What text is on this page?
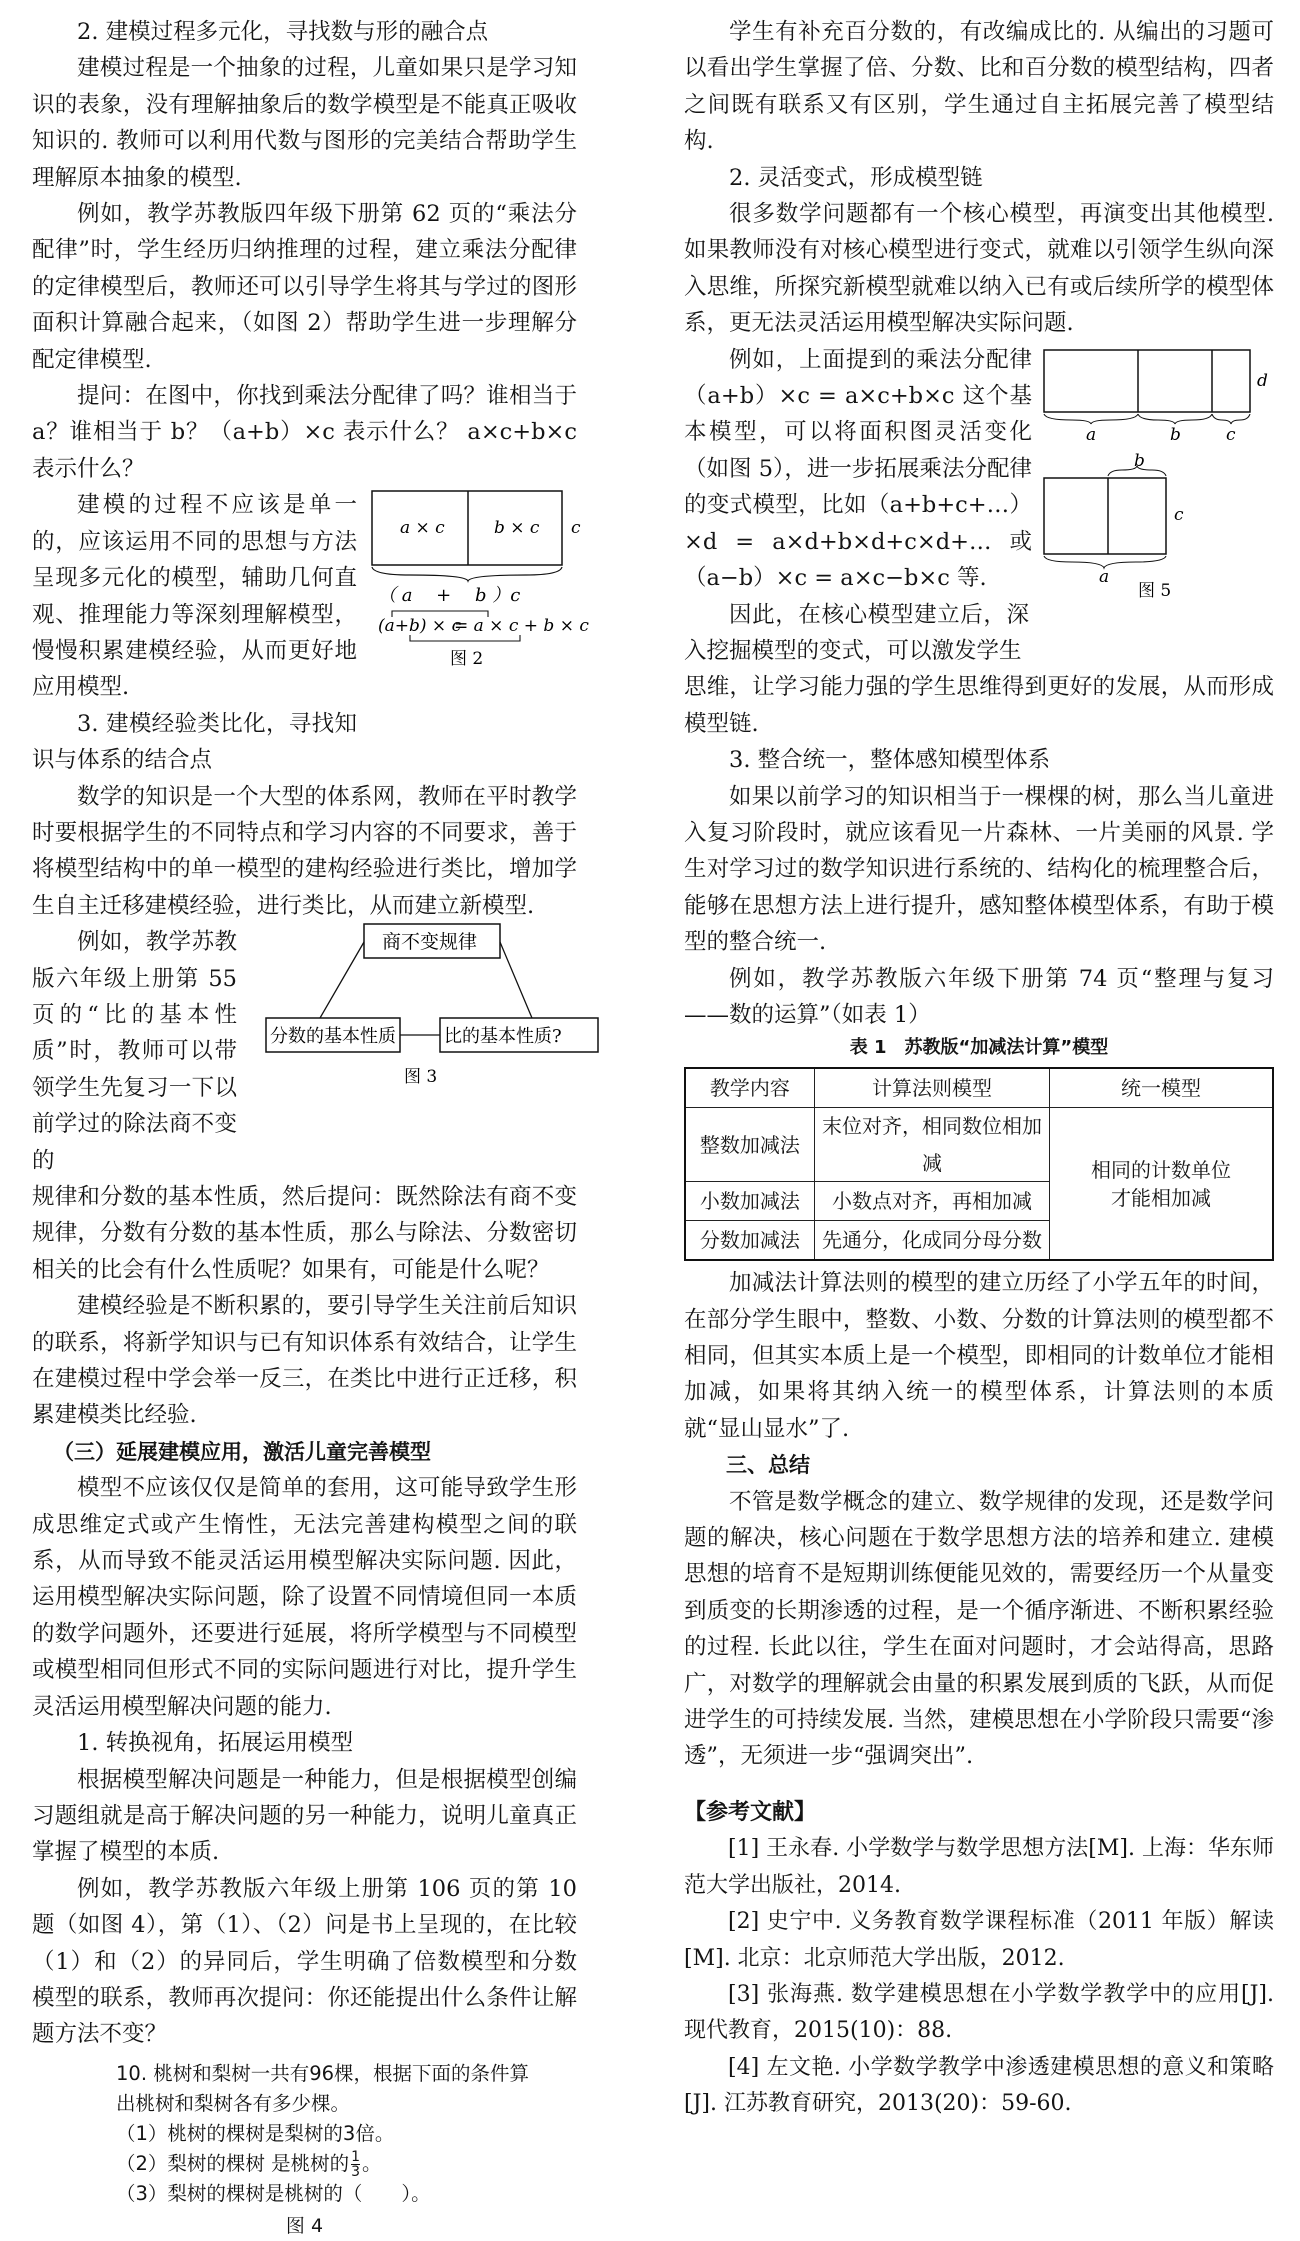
2. 建模过程多元化，寻找数与形的融合点

建模过程是一个抽象的过程，儿童如果只是学习知识的表象，没有理解抽象后的数学模型是不能真正吸收知识的. 教师可以利用代数与图形的完美结合帮助学生理解原本抽象的模型.

例如，教学苏教版四年级下册第 62 页的“乘法分配律”时，学生经历归纳推理的过程，建立乘法分配律的定律模型后，教师还可以引导学生将其与学过的图形面积计算融合起来，（如图 2）帮助学生进一步理解分配定律模型.

提问：在图中，你找到乘法分配律了吗？谁相当于 a？谁相当于 b？（a+b）×c 表示什么？ a×c+b×c 表示什么？

建模的过程不应该是单一的，应该运用不同的思想与方法呈现多元化的模型，辅助几何直观、推理能力等深刻理解模型，慢慢积累建模经验，从而更好地应用模型.

a × c	b × c c
（ a　 +　 b ）c
(a+b) × c
= a × c + b × c
图 2

3. 建模经验类比化，寻找知识与体系的结合点

数学的知识是一个大型的体系网，教师在平时教学时要根据学生的不同特点和学习内容的不同要求，善于将模型结构中的单一模型的建构经验进行类比，增加学生自主迁移建模经验，进行类比，从而建立新模型.

例如，教学苏教版六年级上册第 55 页的“比的基本性质”时，教师可以带领学生先复习一下以前学过的除法商不变的

商不变规律
分数的基本性质	比的基本性质?
图 3

规律和分数的基本性质，然后提问：既然除法有商不变规律，分数有分数的基本性质，那么与除法、分数密切相关的比会有什么性质呢？如果有，可能是什么呢？

建模经验是不断积累的，要引导学生关注前后知识的联系，将新学知识与已有知识体系有效结合，让学生在建模过程中学会举一反三，在类比中进行正迁移，积累建模类比经验.

（三）延展建模应用，激活儿童完善模型

模型不应该仅仅是简单的套用，这可能导致学生形成思维定式或产生惰性，无法完善建构模型之间的联系，从而导致不能灵活运用模型解决实际问题. 因此，运用模型解决实际问题，除了设置不同情境但同一本质的数学问题外，还要进行延展，将所学模型与不同模型或模型相同但形式不同的实际问题进行对比，提升学生灵活运用模型解决问题的能力.

1. 转换视角，拓展运用模型

根据模型解决问题是一种能力，但是根据模型创编习题组就是高于解决问题的另一种能力，说明儿童真正掌握了模型的本质.

例如，教学苏教版六年级上册第 106 页的第 10 题（如图 4），第（1）、（2）问是书上呈现的，在比较（1）和（2）的异同后，学生明确了倍数模型和分数模型的联系，教师再次提问：你还能提出什么条件让解题方法不变？

10. 桃树和梨树一共有96棵，根据下面的条件算
出桃树和梨树各有多少棵。
（1）桃树的棵树是梨树的3倍。
（2）梨树的棵树 是桃树的 $\frac{1}{3}$ 。
（3）梨树的棵树是桃树的（　　）。
图 4

学生有补充百分数的，有改编成比的. 从编出的习题可以看出学生掌握了倍、分数、比和百分数的模型结构，四者之间既有联系又有区别，学生通过自主拓展完善了模型结构.

2. 灵活变式，形成模型链

很多数学问题都有一个核心模型，再演变出其他模型. 如果教师没有对核心模型进行变式，就难以引领学生纵向深入思维，所探究新模型就难以纳入已有或后续所学的模型体系，更无法灵活运用模型解决实际问题.

例如，上面提到的乘法分配律（a+b）×c = a×c+b×c 这个基本模型，可以将面积图灵活变化（如图 5），进一步拓展乘法分配律的变式模型，比如（a+b+c+…）×d = a×d+b×d+c×d+… 或（a−b）×c = a×c−b×c 等.

d
a	b	c
b
c
a
图 5

因此，在核心模型建立后，深入挖掘模型的变式，可以激发学生

思维，让学习能力强的学生思维得到更好的发展，从而形成模型链.

3. 整合统一，整体感知模型体系

如果以前学习的知识相当于一棵棵的树，那么当儿童进入复习阶段时，就应该看见一片森林、一片美丽的风景. 学生对学习过的数学知识进行系统的、结构化的梳理整合后，能够在思想方法上进行提升，感知整体模型体系，有助于模型的整合统一.

例如，教学苏教版六年级下册第 74 页“整理与复习——数的运算”（如表 1）

表 1　苏教版“加减法计算”模型
教学内容	计算法则模型	统一模型
整数加减法	末位对齐，相同数位相加减	相同的计数单位
才能相加减

小数加减法	小数点对齐，再相加减	
分数加减法	先通分，化成同分母分数	

加减法计算法则的模型的建立历经了小学五年的时间，在部分学生眼中，整数、小数、分数的计算法则的模型都不相同，但其实本质上是一个模型，即相同的计数单位才能相加减，如果将其纳入统一的模型体系，计算法则的本质就“显山显水”了.

三、总结

不管是数学概念的建立、数学规律的发现，还是数学问题的解决，核心问题在于数学思想方法的培养和建立. 建模思想的培育不是短期训练便能见效的，需要经历一个从量变到质变的长期渗透的过程，是一个循序渐进、不断积累经验的过程. 长此以往，学生在面对问题时，才会站得高，思路广，对数学的理解就会由量的积累发展到质的飞跃，从而促进学生的可持续发展. 当然，建模思想在小学阶段只需要“渗透”，无须进一步“强调突出”.

【参考文献】

[1] 王永春. 小学数学与数学思想方法[M]. 上海：华东师范大学出版社，2014.

[2] 史宁中. 义务教育数学课程标准（2011 年版）解读[M]. 北京：北京师范大学出版，2012.

[3] 张海燕. 数学建模思想在小学数学教学中的应用[J]. 现代教育，2015(10)：88.

[4] 左文艳. 小学数学教学中渗透建模思想的意义和策略[J]. 江苏教育研究，2013(20)：59-60.
